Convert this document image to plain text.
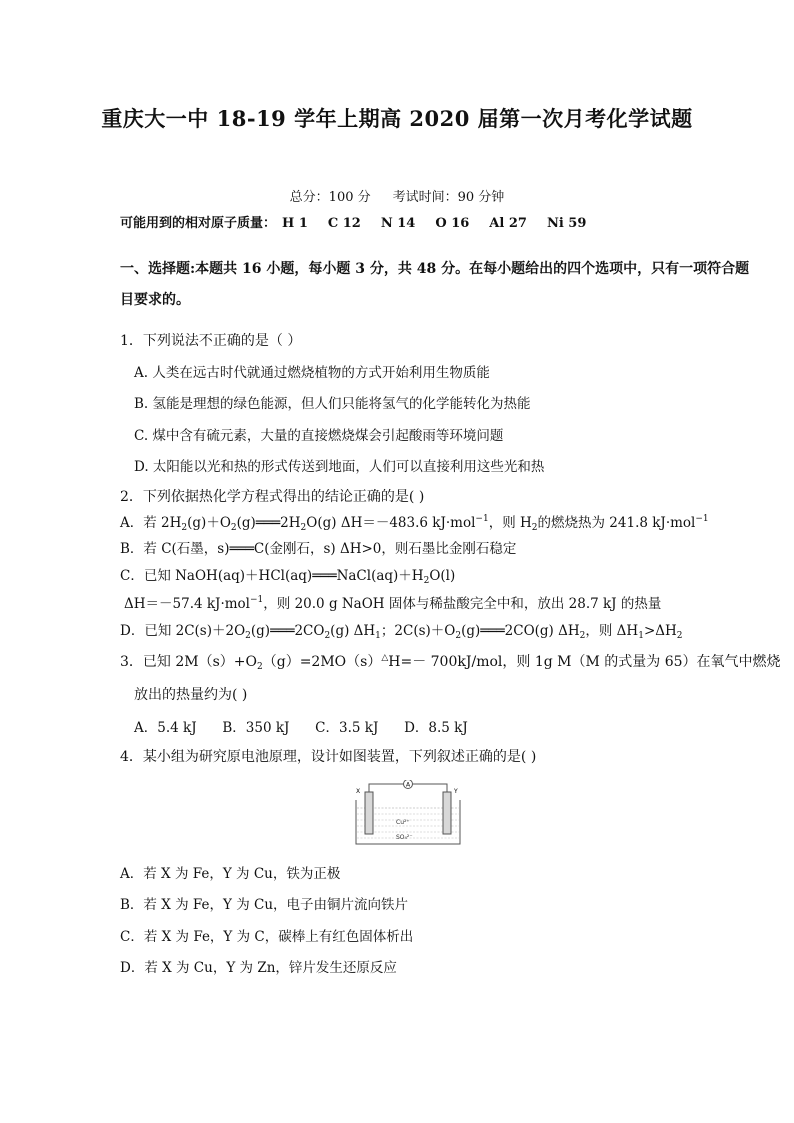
重庆大一中 18-19 学年上期高 2020 届第一次月考化学试题
总分：100 分 考试时间：90 分钟
可能用到的相对原子质量： H 1 C 12 N 14 O 16 Al 27 Ni 59
一、选择题:本题共 16 小题，每小题 3 分，共 48 分。在每小题给出的四个选项中，只有一项符合题
目要求的。
1．下列说法不正确的是（ ）
A. 人类在远古时代就通过燃烧植物的方式开始利用生物质能
B. 氢能是理想的绿色能源，但人们只能将氢气的化学能转化为热能
C. 煤中含有硫元素，大量的直接燃烧煤会引起酸雨等环境问题
D. 太阳能以光和热的形式传送到地面，人们可以直接利用这些光和热
2．下列依据热化学方程式得出的结论正确的是( )
A．若 $2H_2(g)+O_2(g)═══2H_2O(g)$ ΔH＝－483.6 kJ·mol$^{-1}$，则 $H_2$的燃烧热为 241.8 kJ·mol$^{-1}$
B．若 C(石墨，s)═══C(金刚石，s) ΔH>0，则石墨比金刚石稳定
C．已知 $NaOH(aq)+HCl(aq)═══NaCl(aq)+H_2O(l)$
ΔH＝－57.4 kJ·mol$^{-1}$，则 20.0 g NaOH 固体与稀盐酸完全中和，放出 28.7 kJ 的热量
D．已知 $2C(s)+2O_2(g)═══2CO_2(g)$ $\Delta H_1$；$2C(s)+O_2(g)═══2CO(g)$ $\Delta H_2$，则 $\Delta H_1>\Delta H_2$
3．已知 $2M(s)+O_2(g)=2MO(s)^\triangle H=- 700kJ/mol$，则 1g M（M 的式量为 65）在氧气中燃烧
放出的热量约为( )
A．5.4 kJ      B．350 kJ      C．3.5 kJ      D．8.5 kJ
4．某小组为研究原电池原理，设计如图装置，下列叙述正确的是( )
A
X	Y
Cu²⁺
SO₄²⁻
A．若 X 为 Fe，Y 为 Cu，铁为正极
B．若 X 为 Fe，Y 为 Cu，电子由铜片流向铁片
C．若 X 为 Fe，Y 为 C，碳棒上有红色固体析出
D．若 X 为 Cu，Y 为 Zn，锌片发生还原反应
